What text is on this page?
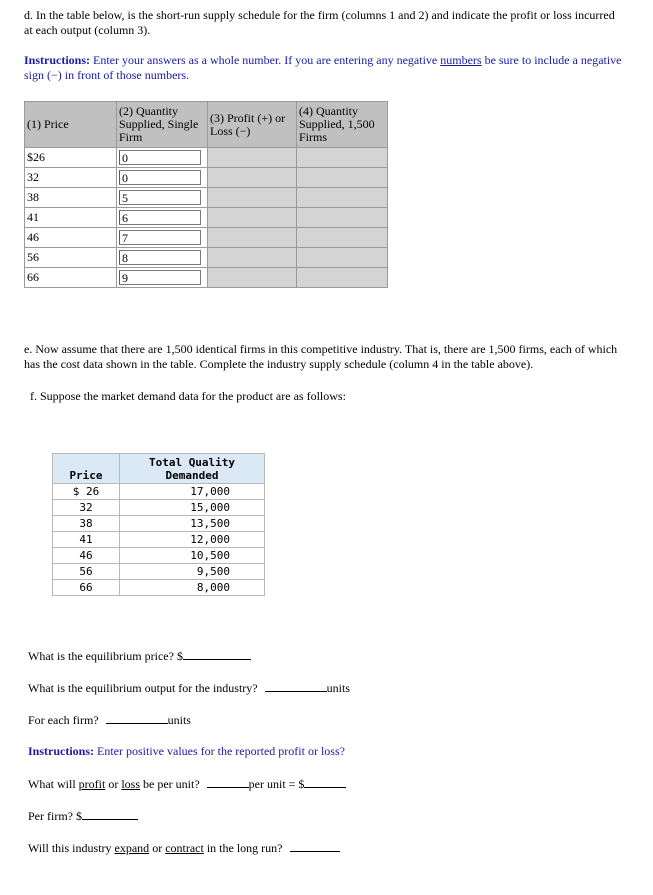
d. In the table below, is the short-run supply schedule for the firm (columns 1 and 2) and indicate the profit or loss incurred at each output (column 3).
Instructions: Enter your answers as a whole number. If you are entering any negative numbers be sure to include a negative sign (−) in front of those numbers.
(1) Price	(2) Quantity Supplied, Single Firm	(3) Profit (+) or Loss (−)	(4) Quantity Supplied, 1,500 Firms

$26	0		
32	0		
38	5		
41	6		
46	7		
56	8		
66	9		
e. Now assume that there are 1,500 identical firms in this competitive industry. That is, there are 1,500 firms, each of which has the cost data shown in the table. Complete the industry supply schedule (column 4 in the table above).
f. Suppose the market demand data for the product are as follows:
Price	Total Quality Demanded

$ 26	17,000
32	15,000
38	13,500
41	12,000
46	10,500
56	9,500
66	8,000
What is the equilibrium price? $
What is the equilibrium output for the industry?	units
For each firm?	units
Instructions: Enter positive values for the reported profit or loss?
What will profit or loss be per unit?	per unit = $
Per firm? $
Will this industry expand or contract in the long run?
